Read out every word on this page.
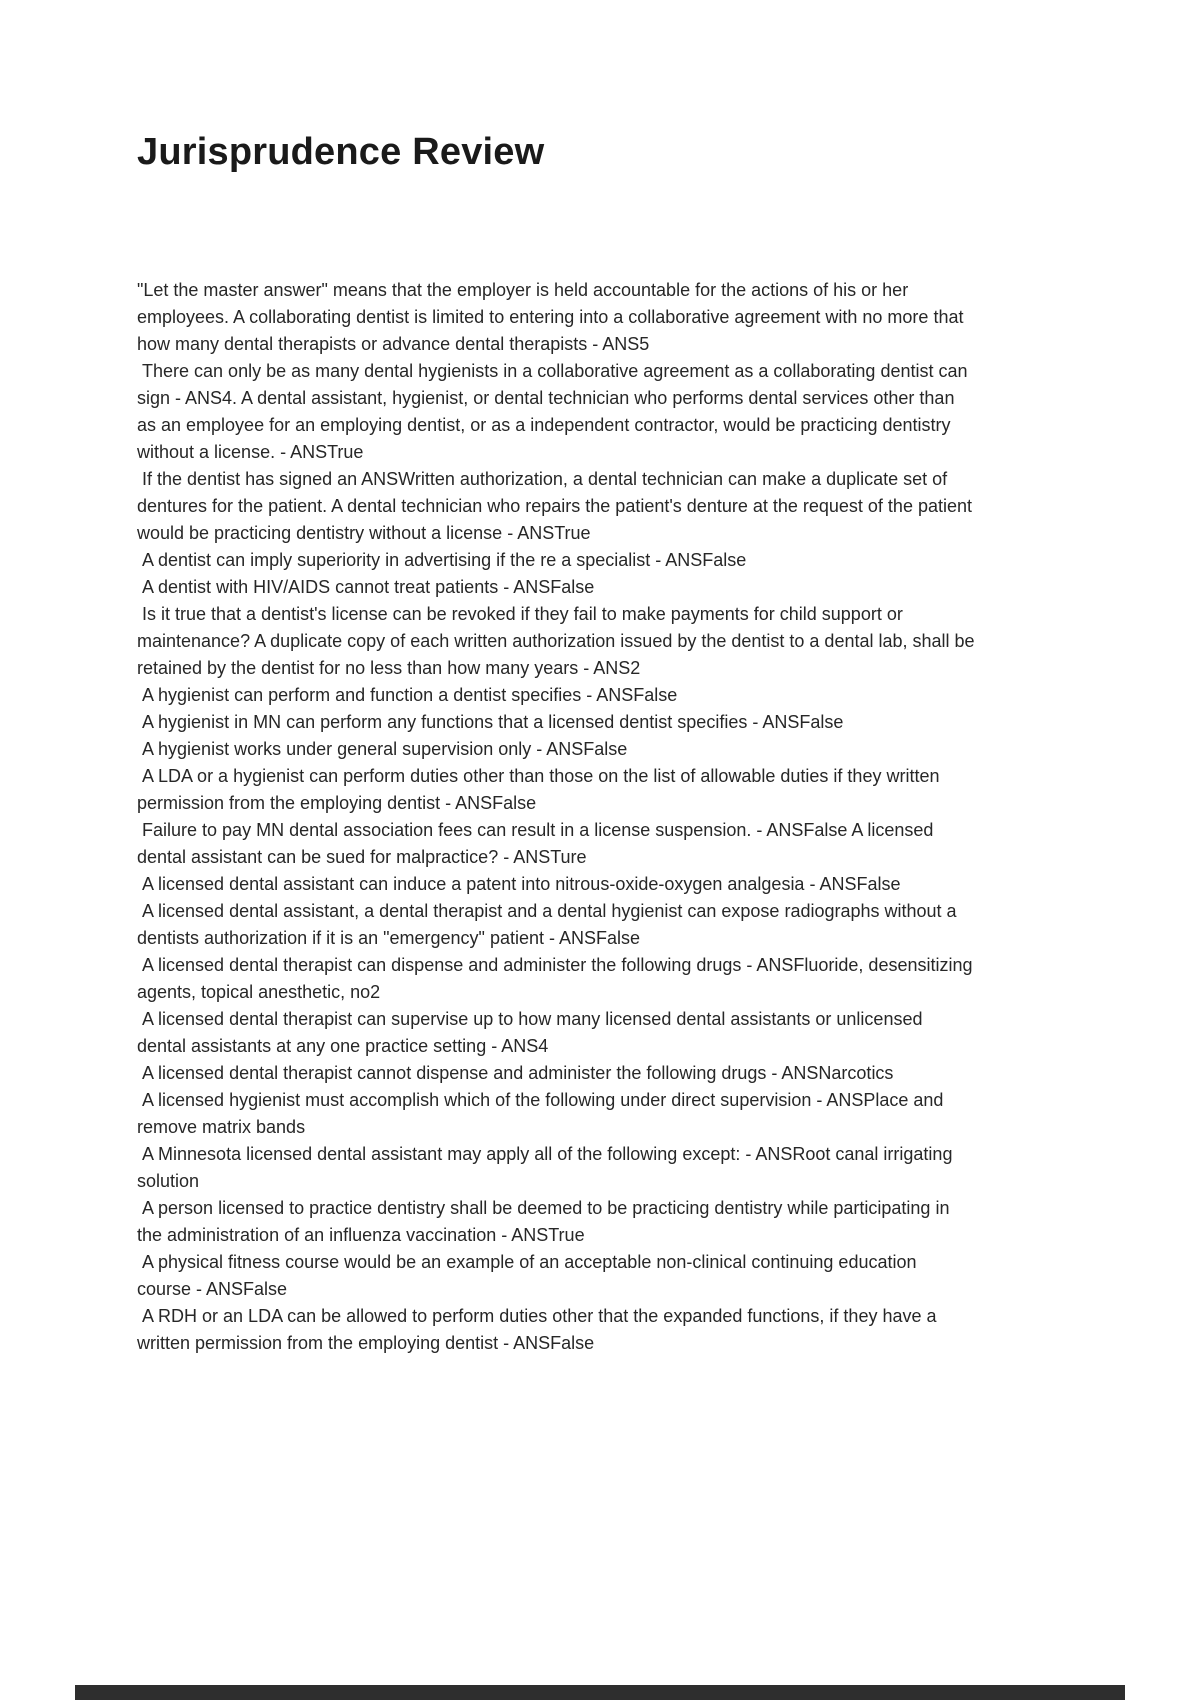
Jurisprudence Review

"Let the master answer" means that the employer is held accountable for the actions of his or her employees. A collaborating dentist is limited to entering into a collaborative agreement with no more that how many dental therapists or advance dental therapists - ANS5

There can only be as many dental hygienists in a collaborative agreement as a collaborating dentist can sign - ANS4. A dental assistant, hygienist, or dental technician who performs dental services other than as an employee for an employing dentist, or as a independent contractor, would be practicing dentistry without a license. - ANSTrue

If the dentist has signed an ANSWritten authorization, a dental technician can make a duplicate set of dentures for the patient. A dental technician who repairs the patient's denture at the request of the patient would be practicing dentistry without a license - ANSTrue

A dentist can imply superiority in advertising if the re a specialist - ANSFalse

A dentist with HIV/AIDS cannot treat patients - ANSFalse

Is it true that a dentist's license can be revoked if they fail to make payments for child support or maintenance? A duplicate copy of each written authorization issued by the dentist to a dental lab, shall be retained by the dentist for no less than how many years - ANS2

A hygienist can perform and function a dentist specifies - ANSFalse

A hygienist in MN can perform any functions that a licensed dentist specifies - ANSFalse

A hygienist works under general supervision only - ANSFalse

A LDA or a hygienist can perform duties other than those on the list of allowable duties if they written permission from the employing dentist - ANSFalse

Failure to pay MN dental association fees can result in a license suspension. - ANSFalse A licensed dental assistant can be sued for malpractice? - ANSTure

A licensed dental assistant can induce a patent into nitrous-oxide-oxygen analgesia - ANSFalse

A licensed dental assistant, a dental therapist and a dental hygienist can expose radiographs without a dentists authorization if it is an "emergency" patient - ANSFalse

A licensed dental therapist can dispense and administer the following drugs - ANSFluoride, desensitizing agents, topical anesthetic, no2

A licensed dental therapist can supervise up to how many licensed dental assistants or unlicensed dental assistants at any one practice setting - ANS4

A licensed dental therapist cannot dispense and administer the following drugs - ANSNarcotics

A licensed hygienist must accomplish which of the following under direct supervision - ANSPlace and remove matrix bands

A Minnesota licensed dental assistant may apply all of the following except: - ANSRoot canal irrigating solution

A person licensed to practice dentistry shall be deemed to be practicing dentistry while participating in the administration of an influenza vaccination - ANSTrue

A physical fitness course would be an example of an acceptable non-clinical continuing education course - ANSFalse

A RDH or an LDA can be allowed to perform duties other that the expanded functions, if they have a written permission from the employing dentist - ANSFalse
